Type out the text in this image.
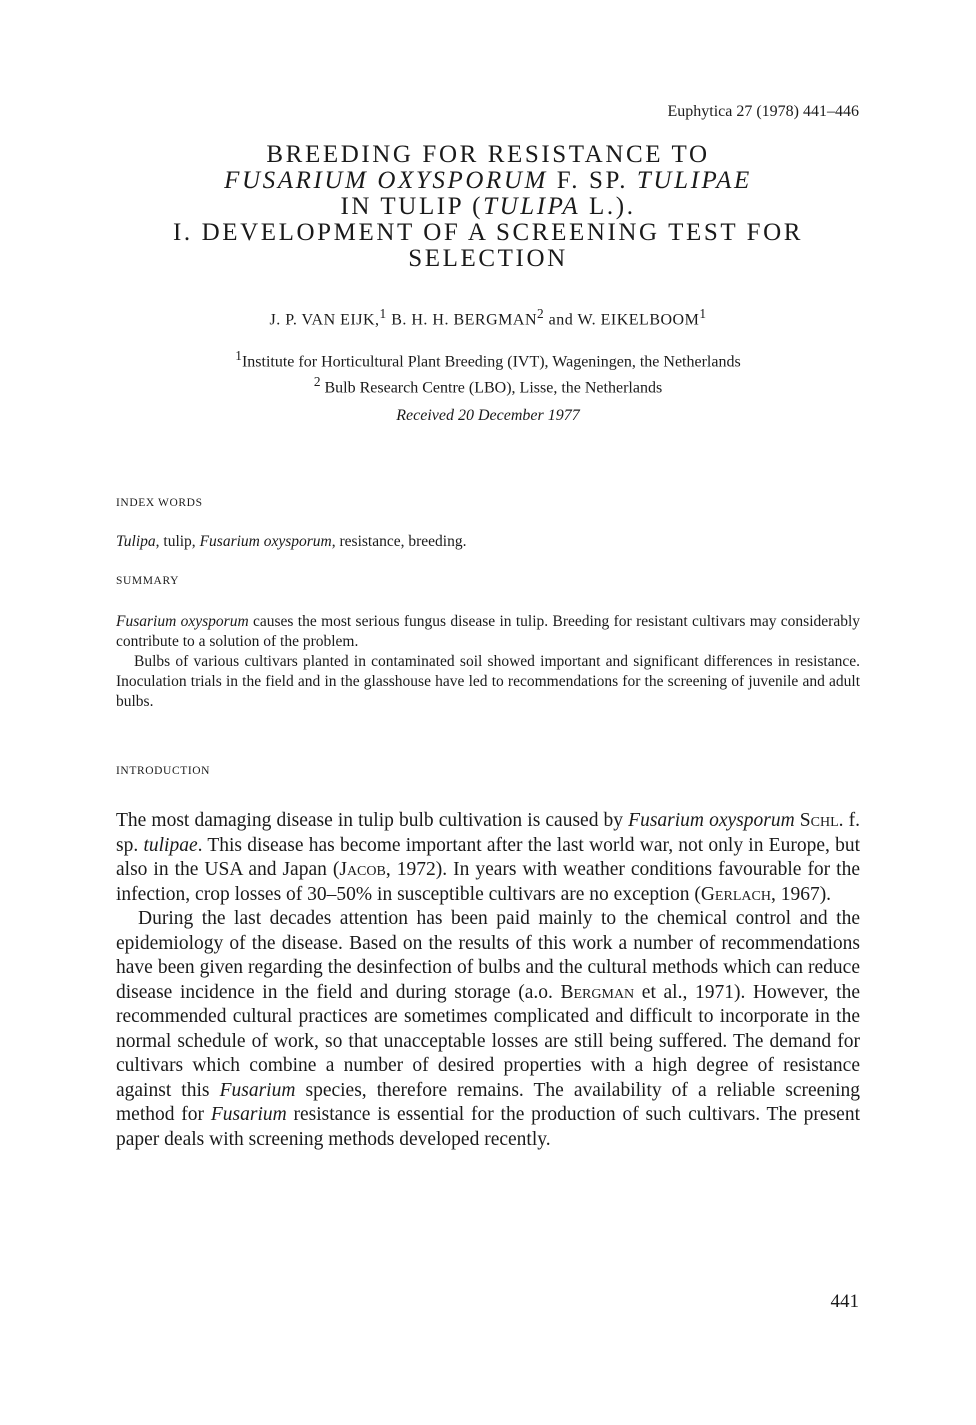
Euphytica 27 (1978) 441–446
BREEDING FOR RESISTANCE TO
FUSARIUM OXYSPORUM F. SP. TULIPAE
IN TULIP (TULIPA L.).
I. DEVELOPMENT OF A SCREENING TEST FOR
SELECTION
J. P. VAN EIJK,$^1$ B. H. H. BERGMAN$^2$ and W. EIKELBOOM$^1$
$^1$Institute for Horticultural Plant Breeding (IVT), Wageningen, the Netherlands
$^2$ Bulb Research Centre (LBO), Lisse, the Netherlands
Received 20 December 1977
INDEX WORDS

Tulipa, tulip, Fusarium oxysporum, resistance, breeding.

SUMMARY

Fusarium oxysporum causes the most serious fungus disease in tulip. Breeding for resistant cultivars may considerably contribute to a solution of the problem.

Bulbs of various cultivars planted in contaminated soil showed important and significant differences in resistance. Inoculation trials in the field and in the glasshouse have led to recommendations for the screening of juvenile and adult bulbs.

INTRODUCTION

The most damaging disease in tulip bulb cultivation is caused by Fusarium oxysporum Schl. f. sp. tulipae. This disease has become important after the last world war, not only in Europe, but also in the USA and Japan (Jacob, 1972). In years with weather conditions favourable for the infection, crop losses of 30–50% in susceptible cultivars are no exception (Gerlach, 1967).

During the last decades attention has been paid mainly to the chemical control and the epidemiology of the disease. Based on the results of this work a number of recommendations have been given regarding the desinfection of bulbs and the cultural methods which can reduce disease incidence in the field and during storage (a.o. Bergman et al., 1971). However, the recommended cultural practices are sometimes complicated and difficult to incorporate in the normal schedule of work, so that unacceptable losses are still being suffered. The demand for cultivars which combine a number of desired properties with a high degree of resistance against this Fusarium species, therefore remains. The availability of a reliable screening method for Fusarium resistance is essential for the production of such cultivars. The present paper deals with screening methods developed recently.

441
